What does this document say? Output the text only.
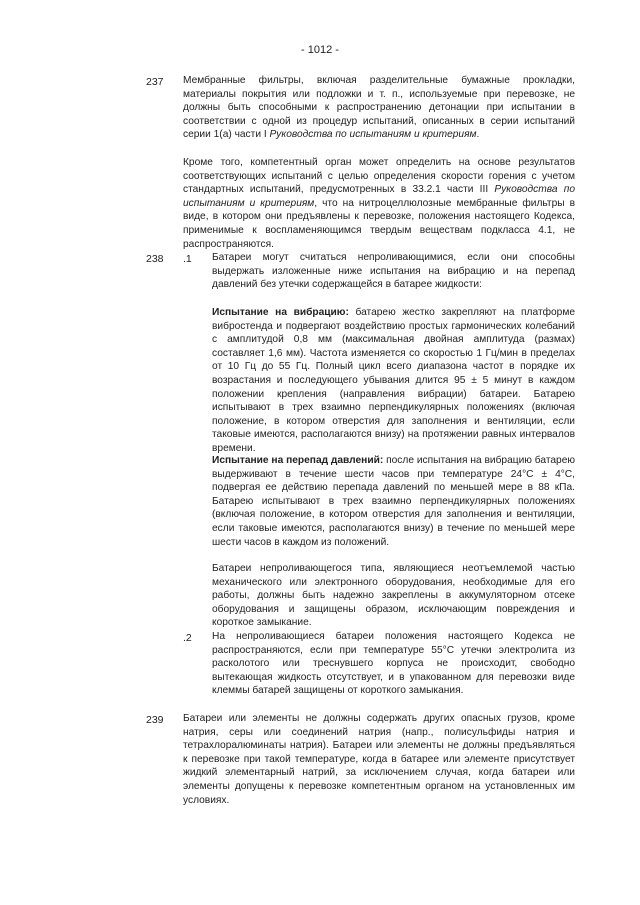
- 1012 -
237 Мембранные фильтры, включая разделительные бумажные прокладки, материалы покрытия или подложки и т. п., используемые при перевозке, не должны быть способными к распространению детонации при испытании в соответствии с одной из процедур испытаний, описанных в серии испытаний серии 1(a) части I Руководства по испытаниям и критериям.

Кроме того, компетентный орган может определить на основе результатов соответствующих испытаний с целью определения скорости горения с учетом стандартных испытаний, предусмотренных в 33.2.1 части III Руководства по испытаниям и критериям, что на нитроцеллюлозные мембранные фильтры в виде, в котором они предъявлены к перевозке, положения настоящего Кодекса, применимые к воспламеняющимся твердым веществам подкласса 4.1, не распространяются.

238 .1 Батареи могут считаться непроливающимися, если они способны выдержать изложенные ниже испытания на вибрацию и на перепад давлений без утечки содержащейся в батарее жидкости:

Испытание на вибрацию: батарею жестко закрепляют на платформе вибростенда и подвергают воздействию простых гармонических колебаний с амплитудой 0,8 мм (максимальная двойная амплитуда (размах) составляет 1,6 мм). Частота изменяется со скоростью 1 Гц/мин в пределах от 10 Гц до 55 Гц. Полный цикл всего диапазона частот в порядке их возрастания и последующего убывания длится 95 ± 5 минут в каждом положении крепления (направления вибрации) батареи. Батарею испытывают в трех взаимно перпендикулярных положениях (включая положение, в котором отверстия для заполнения и вентиляции, если таковые имеются, располагаются внизу) на протяжении равных интервалов времени.

Испытание на перепад давлений: после испытания на вибрацию батарею выдерживают в течение шести часов при температуре 24°C ± 4°C, подвергая ее действию перепада давлений по меньшей мере в 88 кПа. Батарею испытывают в трех взаимно перпендикулярных положениях (включая положение, в котором отверстия для заполнения и вентиляции, если таковые имеются, располагаются внизу) в течение по меньшей мере шести часов в каждом из положений.

Батареи непроливающегося типа, являющиеся неотъемлемой частью механического или электронного оборудования, необходимые для его работы, должны быть надежно закреплены в аккумуляторном отсеке оборудования и защищены образом, исключающим повреждения и короткое замыкание.

.2 На непроливающиеся батареи положения настоящего Кодекса не распространяются, если при температуре 55°C утечки электролита из расколотого или треснувшего корпуса не происходит, свободно вытекающая жидкость отсутствует, и в упакованном для перевозки виде клеммы батарей защищены от короткого замыкания.

239 Батареи или элементы не должны содержать других опасных грузов, кроме натрия, серы или соединений натрия (напр., полисульфиды натрия и тетрахлоралюминаты натрия). Батареи или элементы не должны предъявляться к перевозке при такой температуре, когда в батарее или элементе присутствует жидкий элементарный натрий, за исключением случая, когда батареи или элементы допущены к перевозке компетентным органом на установленных им условиях.
